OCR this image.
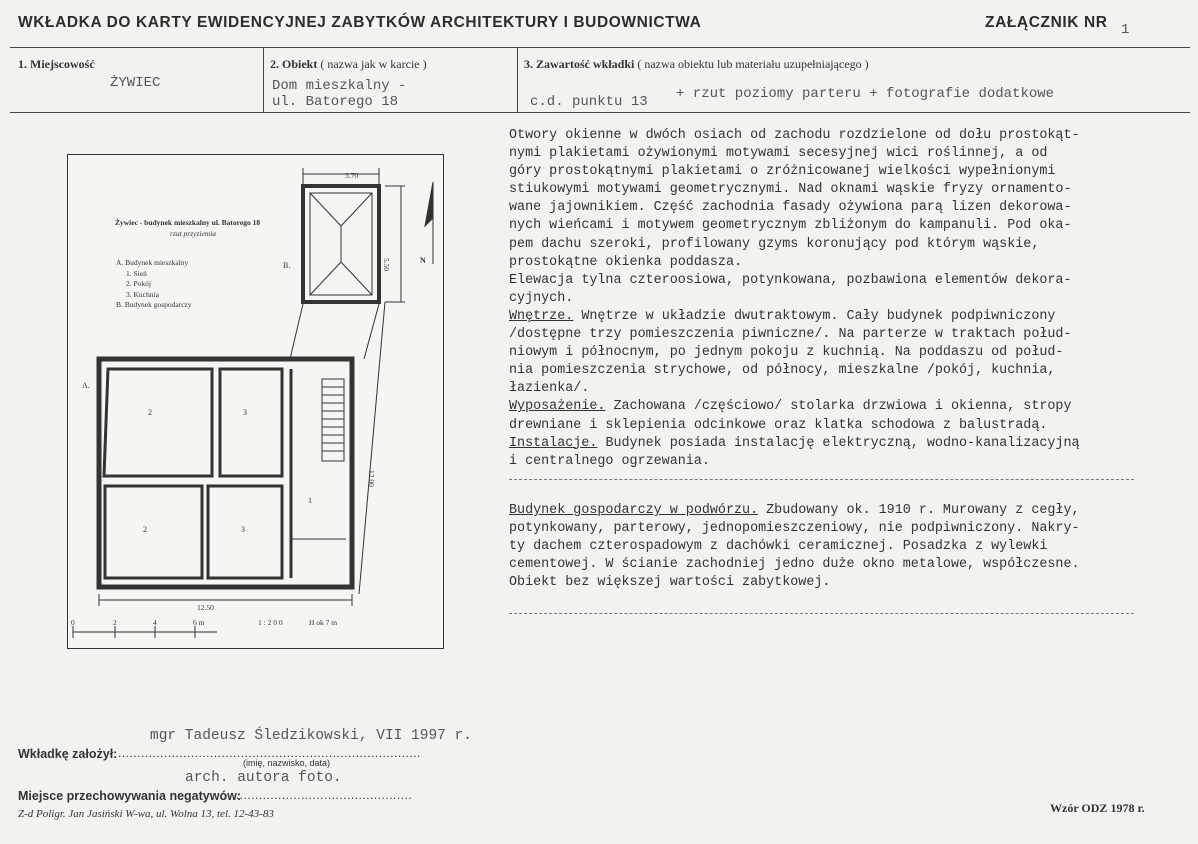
WKŁADKA DO KARTY EWIDENCYJNEJ ZABYTKÓW ARCHITEKTURY I BUDOWNICTWA	ZAŁĄCZNIK NR 1
1. Miejscowość
ŻYWIEC
2. Obiekt ( nazwa jak w karcie )
Dom mieszkalny -
ul. Batorego 18
3. Zawartość wkładki ( nazwa obiektu lub materiału uzupełniającego )
c.d. punktu 13 + rzut poziomy parteru + fotografie dodatkowe
Żywiec - budynek mieszkalny ul. Batorego 18
rzut przyziemia
A. Budynek mieszkalny
1. Sień
2. Pokój
3. Kuchnia
B. Budynek gospodarczy
A.
B.
N
3.70
5.50
12.00
12.50
1
2	3
2	3
0	2	4	6 m	1 : 2 0 0	H ok 7 m

Otwory okienne w dwóch osiach od zachodu rozdzielone od dołu prostokąt-

nymi plakietami ożywionymi motywami secesyjnej wici roślinnej, a od

góry prostokątnymi plakietami o zróżnicowanej wielkości wypełnionymi

stiukowymi motywami geometrycznymi. Nad oknami wąskie fryzy ornamento-

wane jajownikiem. Część zachodnia fasady ożywiona parą lizen dekorowa-

nych wieńcami i motywem geometrycznym zbliżonym do kampanuli. Pod oka-

pem dachu szeroki, profilowany gzyms koronujący pod którym wąskie,

prostokątne okienka poddasza.

Elewacja tylna czteroosiowa, potynkowana, pozbawiona elementów dekora-

cyjnych.

Wnętrze. Wnętrze w układzie dwutraktowym. Cały budynek podpiwniczony

/dostępne trzy pomieszczenia piwniczne/. Na parterze w traktach połud-

niowym i północnym, po jednym pokoju z kuchnią. Na poddaszu od połud-

nia pomieszczenia strychowe, od północy, mieszkalne /pokój, kuchnia,

łazienka/.

Wyposażenie. Zachowana /częściowo/ stolarka drzwiowa i okienna, stropy

drewniane i sklepienia odcinkowe oraz klatka schodowa z balustradą.

Instalacje. Budynek posiada instalację elektryczną, wodno-kanalizacyjną

i centralnego ogrzewania.

Budynek gospodarczy w podwórzu. Zbudowany ok. 1910 r. Murowany z cegły,

potynkowany, parterowy, jednopomieszczeniowy, nie podpiwniczony. Nakry-

ty dachem czterospadowym z dachówki ceramicznej. Posadzka z wylewki

cementowej. W ścianie zachodniej jedno duże okno metalowe, współczesne.

Obiekt bez większej wartości zabytkowej.

mgr Tadeusz Śledzikowski, VII 1997 r.
Wkładkę założył: ...............................................................................
(imię, nazwisko, data)
arch. autora foto.
Miejsce przechowywania negatywów:
...............................................
Z-d Poligr. Jan Jasiński W-wa, ul. Wolna 13, tel. 12-43-83	Wzór ODZ 1978 r.
